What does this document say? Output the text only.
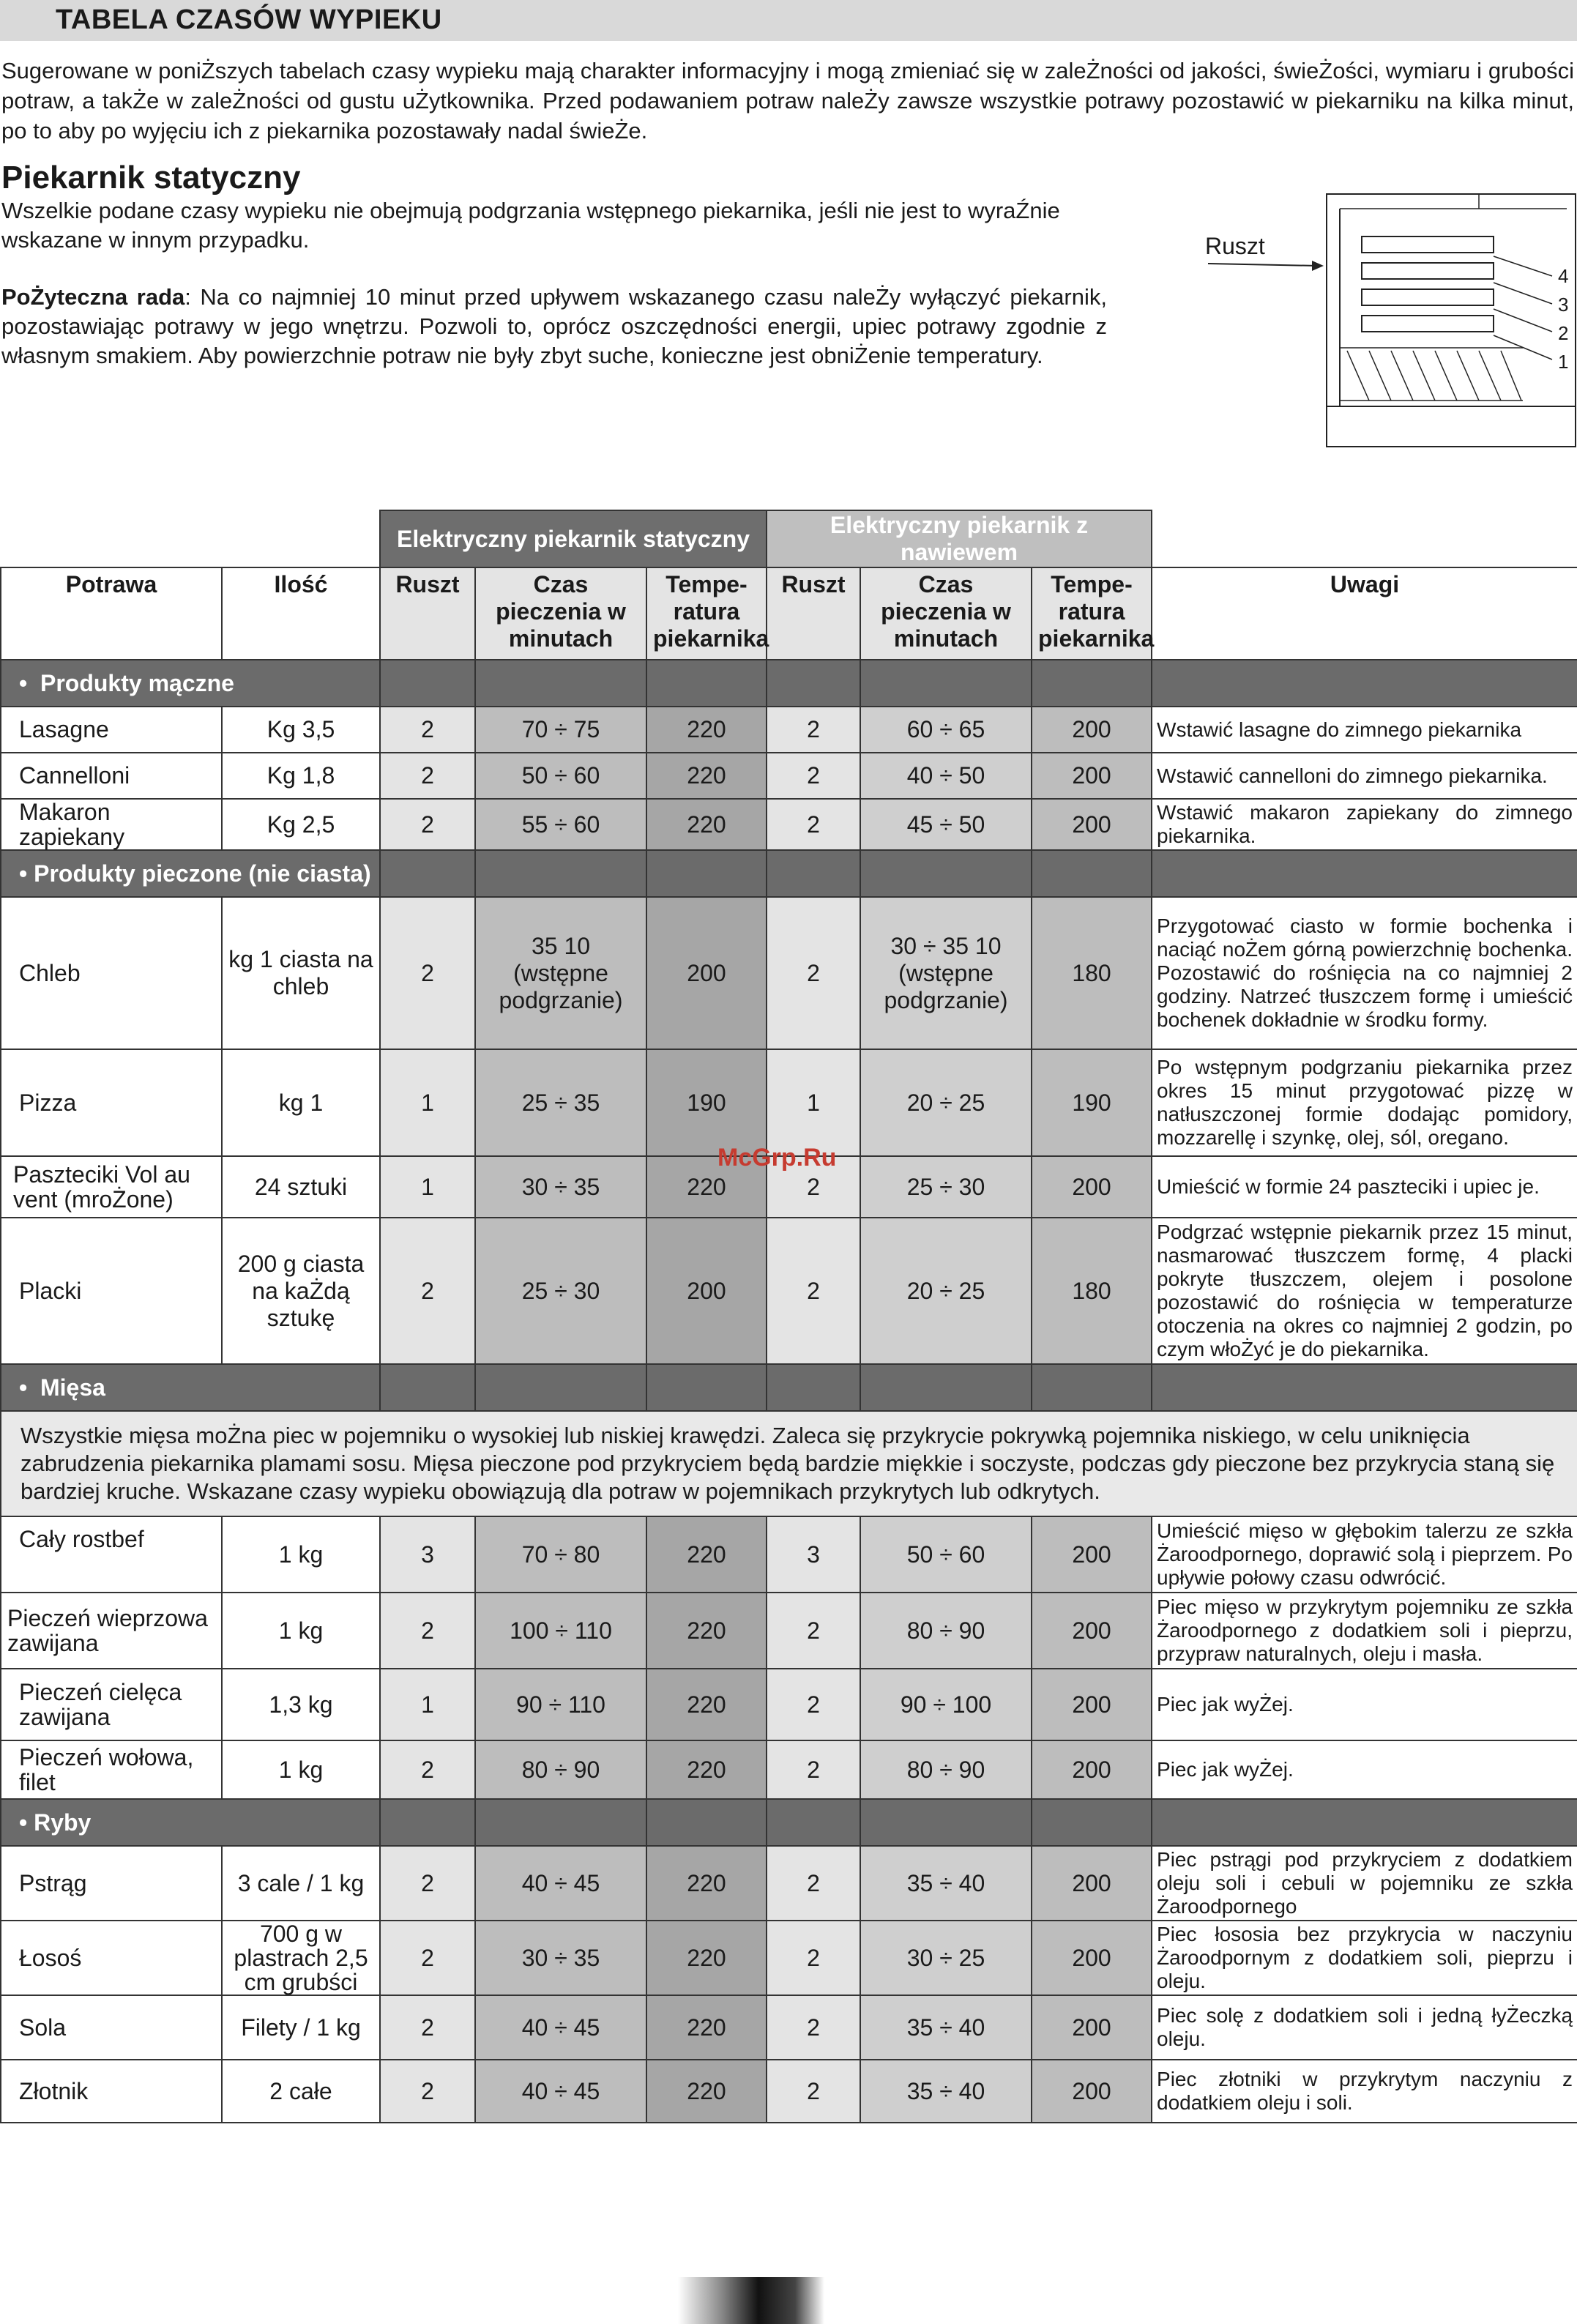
TABELA CZASÓW WYPIEKU
Sugerowane w poniŻszych tabelach czasy wypieku mają charakter informacyjny i mogą zmieniać się w zaleŻności od jakości, świeŻości, wymiaru i grubości potraw, a takŻe w zaleŻności od gustu uŻytkownika. Przed podawaniem potraw naleŻy zawsze wszystkie potrawy pozostawić w piekarniku na kilka minut, po to aby po wyjęciu ich z piekarnika pozostawały nadal świeŻe.
Piekarnik statyczny
Wszelkie podane czasy wypieku nie obejmują podgrzania wstępnego piekarnika, jeśli nie jest to wyraŹnie wskazane w innym przypadku.
PoŻyteczna rada: Na co najmniej 10 minut przed upływem wskazanego czasu naleŻy wyłączyć piekarnik, pozostawiając potrawy w jego wnętrzu. Pozwoli to, oprócz oszczędności energii, upiec potrawy zgodnie z własnym smakiem. Aby powierzchnie potraw nie były zbyt suche, konieczne jest obniŻenie temperatury.
Ruszt
4
3
2
1
		Elektryczny piekarnik statyczny			Elektryczny piekarnik z nawiewem			
Potrawa	Ilość	Ruszt	Czas pieczenia w minutach	Tempe- ratura piekarnika	Ruszt	Czas pieczenia w minutach	Tempe- ratura piekarnika	Uwagi
• Produkty mączne								
Lasagne	Kg 3,5	2	70 ÷ 75	220	2	60 ÷ 65	200	Wstawić lasagne do zimnego piekarnika
Cannelloni	Kg 1,8	2	50 ÷ 60	220	2	40 ÷ 50	200	Wstawić cannelloni do zimnego piekarnika.
Makaron zapiekany	Kg 2,5	2	55 ÷ 60	220	2	45 ÷ 50	200	Wstawić makaron zapiekany do zimnego piekarnika.
• Produkty pieczone (nie ciasta)								
Chleb	kg 1 ciasta na chleb	2	35 10 (wstępne podgrzanie)	200	2	30 ÷ 35 10 (wstępne podgrzanie)	180	Przygotować ciasto w formie bochenka i naciąć noŻem górną powierzchnię bochenka. Pozostawić do rośnięcia na co najmniej 2 godziny. Natrzeć tłuszczem formę i umieścić bochenek dokładnie w środku formy.
Pizza	kg 1	1	25 ÷ 35	190	1	20 ÷ 25	190	Po wstępnym podgrzaniu piekarnika przez okres 15 minut przygotować pizzę w natłuszczonej formie dodając pomidory, mozzarellę i szynkę, olej, sól, oregano.
Paszteciki Vol au vent (mroŻone)	24 sztuki	1	30 ÷ 35	220	2	25 ÷ 30	200	Umieścić w formie 24 paszteciki i upiec je.
Placki	200 g ciasta na kaŻdą sztukę	2	25 ÷ 30	200	2	20 ÷ 25	180	Podgrzać wstępnie piekarnik przez 15 minut, nasmarować tłuszczem formę, 4 placki pokryte tłuszczem, olejem i posolone pozostawić do rośnięcia w temperaturze otoczenia na okres co najmniej 2 godzin, po czym włoŻyć je do piekarnika.
• Mięsa								
Wszystkie mięsa moŻna piec w pojemniku o wysokiej lub niskiej krawędzi. Zaleca się przykrycie pokrywką pojemnika niskiego, w celu uniknięcia zabrudzenia piekarnika plamami sosu. Mięsa pieczone pod przykryciem będą bardzie miękkie i soczyste, podczas gdy pieczone bez przykrycia staną się bardziej kruche. Wskazane czasy wypieku obowiązują dla potraw w pojemnikach przykrytych lub odkrytych.								
Cały rostbef	1 kg	3	70 ÷ 80	220	3	50 ÷ 60	200	Umieścić mięso w głębokim talerzu ze szkła Żaroodpornego, doprawić solą i pieprzem. Po upływie połowy czasu odwrócić.
Pieczeń wieprzowa zawijana	1 kg	2	100 ÷ 110	220	2	80 ÷ 90	200	Piec mięso w przykrytym pojemniku ze szkła Żaroodpornego z dodatkiem soli i pieprzu, przypraw naturalnych, oleju i masła.
Pieczeń cielęca zawijana	1,3 kg	1	90 ÷ 110	220	2	90 ÷ 100	200	Piec jak wyŻej.
Pieczeń wołowa, filet	1 kg	2	80 ÷ 90	220	2	80 ÷ 90	200	Piec jak wyŻej.
• Ryby								
Pstrąg	3 cale / 1 kg	2	40 ÷ 45	220	2	35 ÷ 40	200	Piec pstrągi pod przykryciem z dodatkiem oleju soli i cebuli w pojemniku ze szkła Żaroodpornego
Łosoś	700 g w plastrach 2,5 cm grubści	2	30 ÷ 35	220	2	30 ÷ 25	200	Piec łososia bez przykrycia w naczyniu Żaroodpornym z dodatkiem soli, pieprzu i oleju.
Sola	Filety / 1 kg	2	40 ÷ 45	220	2	35 ÷ 40	200	Piec solę z dodatkiem soli i jedną łyŻeczką oleju.
Złotnik	2 całe	2	40 ÷ 45	220	2	35 ÷ 40	200	Piec złotniki w przykrytym naczyniu z dodatkiem oleju i soli.
McGrp.Ru
